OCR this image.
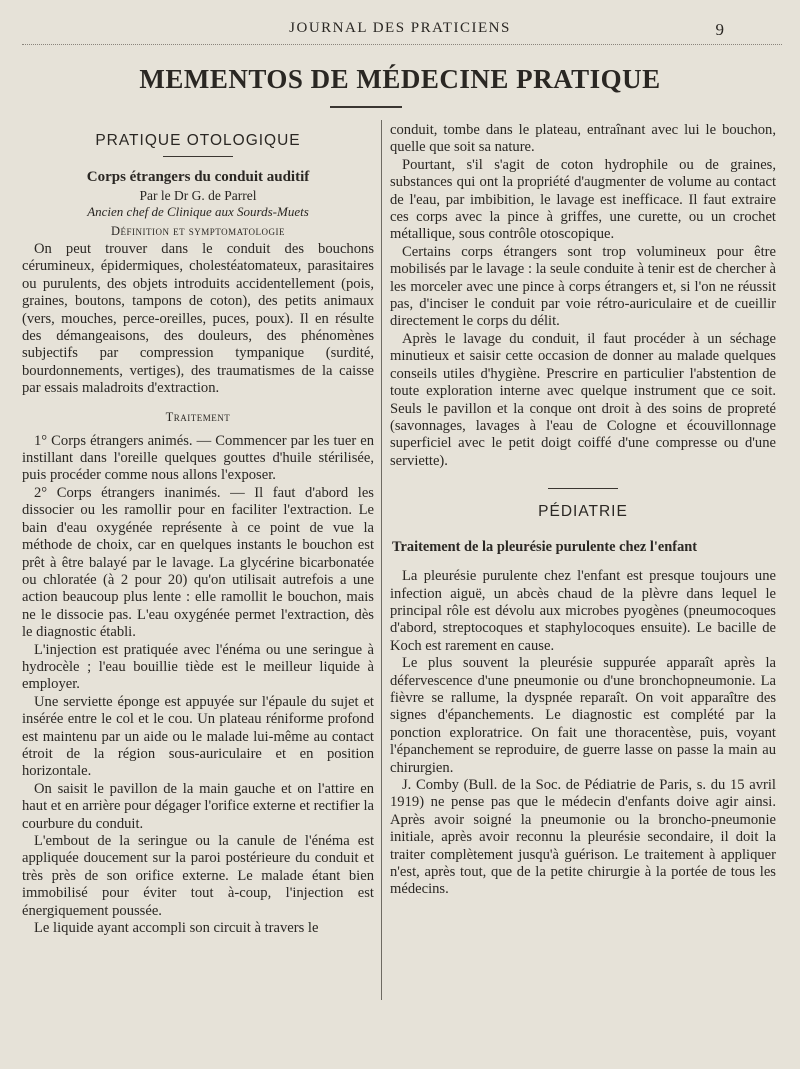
JOURNAL DES PRATICIENS	9
MEMENTOS DE MÉDECINE PRATIQUE
PRATIQUE OTOLOGIQUE
Corps étrangers du conduit auditif
Par le Dr G. de Parrel
Ancien chef de Clinique aux Sourds-Muets
Définition et symptomatologie

On peut trouver dans le conduit des bouchons cérumineux, épidermiques, cholestéatomateux, parasitaires ou purulents, des objets introduits accidentellement (pois, graines, boutons, tampons de coton), des petits animaux (vers, mouches, perce-oreilles, puces, poux). Il en résulte des démangeaisons, des douleurs, des phénomènes subjectifs par compression tympanique (surdité, bourdonnements, vertiges), des traumatismes de la caisse par essais maladroits d'extraction.

Traitement

1° Corps étrangers animés. — Commencer par les tuer en instillant dans l'oreille quelques gouttes d'huile stérilisée, puis procéder comme nous allons l'exposer.

2° Corps étrangers inanimés. — Il faut d'abord les dissocier ou les ramollir pour en faciliter l'extraction. Le bain d'eau oxygénée représente à ce point de vue la méthode de choix, car en quelques instants le bouchon est prêt à être balayé par le lavage. La glycérine bicarbonatée ou chloratée (à 2 pour 20) qu'on utilisait autrefois a une action beaucoup plus lente : elle ramollit le bouchon, mais ne le dissocie pas. L'eau oxygénée permet l'extraction, dès le diagnostic établi.

L'injection est pratiquée avec l'énéma ou une seringue à hydrocèle ; l'eau bouillie tiède est le meilleur liquide à employer.

Une serviette éponge est appuyée sur l'épaule du sujet et insérée entre le col et le cou. Un plateau réniforme profond est maintenu par un aide ou le malade lui-même au contact étroit de la région sous-auriculaire et en position horizontale.

On saisit le pavillon de la main gauche et on l'attire en haut et en arrière pour dégager l'orifice externe et rectifier la courbure du conduit.

L'embout de la seringue ou la canule de l'énéma est appliquée doucement sur la paroi postérieure du conduit et très près de son orifice externe. Le malade étant bien immobilisé pour éviter tout à-coup, l'injection est énergiquement poussée.

Le liquide ayant accompli son circuit à travers le

conduit, tombe dans le plateau, entraînant avec lui le bouchon, quelle que soit sa nature.

Pourtant, s'il s'agit de coton hydrophile ou de graines, substances qui ont la propriété d'augmenter de volume au contact de l'eau, par imbibition, le lavage est inefficace. Il faut extraire ces corps avec la pince à griffes, une curette, ou un crochet métallique, sous contrôle otoscopique.

Certains corps étrangers sont trop volumineux pour être mobilisés par le lavage : la seule conduite à tenir est de chercher à les morceler avec une pince à corps étrangers et, si l'on ne réussit pas, d'inciser le conduit par voie rétro-auriculaire et de cueillir directement le corps du délit.

Après le lavage du conduit, il faut procéder à un séchage minutieux et saisir cette occasion de donner au malade quelques conseils utiles d'hygiène. Prescrire en particulier l'abstention de toute exploration interne avec quelque instrument que ce soit. Seuls le pavillon et la conque ont droit à des soins de propreté (savonnages, lavages à l'eau de Cologne et écouvillonnage superficiel avec le petit doigt coiffé d'une compresse ou d'une serviette).

PÉDIATRIE
Traitement de la pleurésie purulente chez l'enfant

La pleurésie purulente chez l'enfant est presque toujours une infection aiguë, un abcès chaud de la plèvre dans lequel le principal rôle est dévolu aux microbes pyogènes (pneumocoques d'abord, streptocoques et staphylocoques ensuite). Le bacille de Koch est rarement en cause.

Le plus souvent la pleurésie suppurée apparaît après la défervescence d'une pneumonie ou d'une bronchopneumonie. La fièvre se rallume, la dyspnée reparaît. On voit apparaître des signes d'épanchements. Le diagnostic est complété par la ponction exploratrice. On fait une thoracentèse, puis, voyant l'épanchement se reproduire, de guerre lasse on passe la main au chirurgien.

J. Comby (Bull. de la Soc. de Pédiatrie de Paris, s. du 15 avril 1919) ne pense pas que le médecin d'enfants doive agir ainsi. Après avoir soigné la pneumonie ou la broncho-pneumonie initiale, après avoir reconnu la pleurésie secondaire, il doit la traiter complètement jusqu'à guérison. Le traitement à appliquer n'est, après tout, que de la petite chirurgie à la portée de tous les médecins.
